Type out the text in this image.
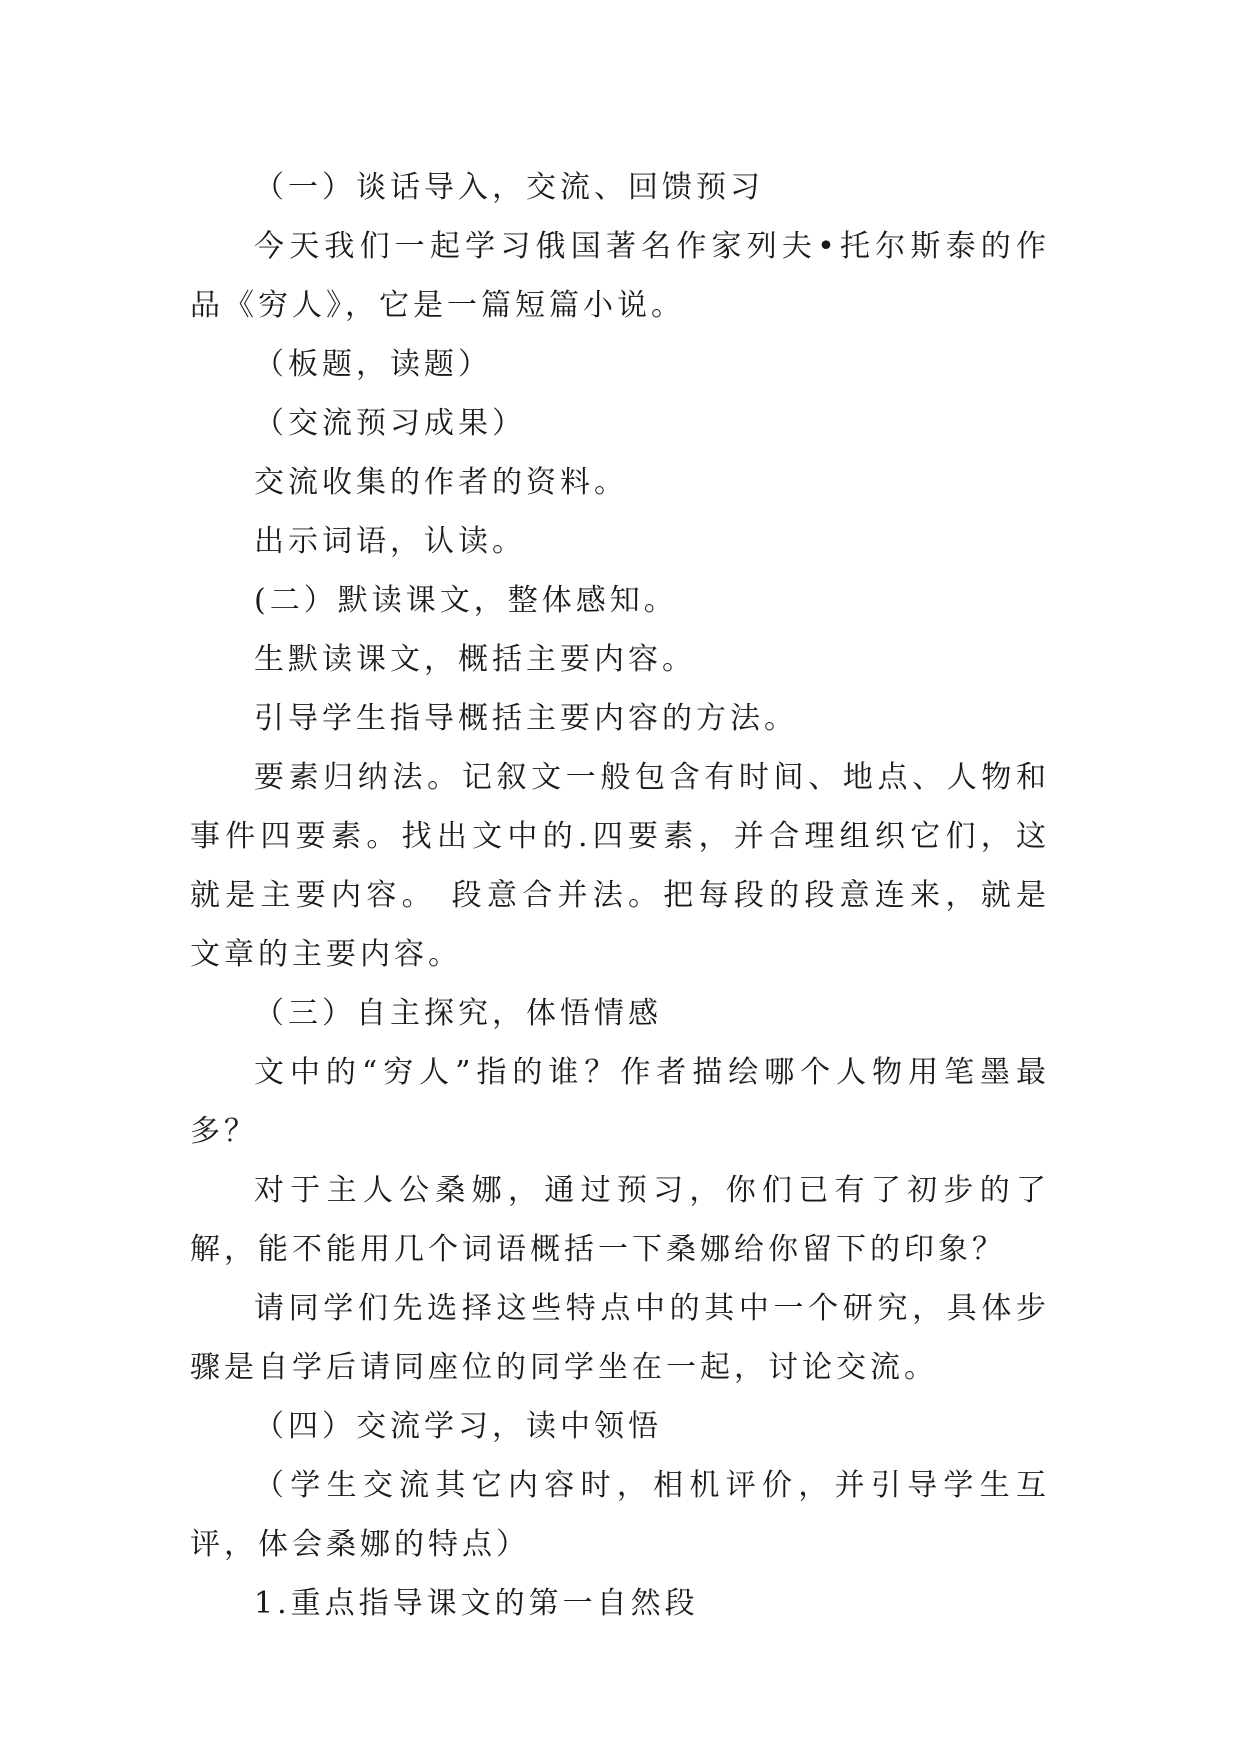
（一）谈话导入，交流、回馈预习

今天我们一起学习俄国著名作家列夫•托尔斯泰的作品《穷人》，它是一篇短篇小说。

（板题，读题）

（交流预习成果）

交流收集的作者的资料。

出示词语，认读。

(二）默读课文，整体感知。

生默读课文，概括主要内容。

引导学生指导概括主要内容的方法。

要素归纳法。记叙文一般包含有时间、地点、人物和事件四要素。找出文中的.四要素，并合理组织它们，这就是主要内容。 段意合并法。把每段的段意连来，就是文章的主要内容。

（三）自主探究，体悟情感

文中的“穷人”指的谁？作者描绘哪个人物用笔墨最多？

对于主人公桑娜，通过预习，你们已有了初步的了解，能不能用几个词语概括一下桑娜给你留下的印象？

请同学们先选择这些特点中的其中一个研究，具体步骤是自学后请同座位的同学坐在一起，讨论交流。

（四）交流学习，读中领悟

（学生交流其它内容时，相机评价，并引导学生互评，体会桑娜的特点）

1.重点指导课文的第一自然段
